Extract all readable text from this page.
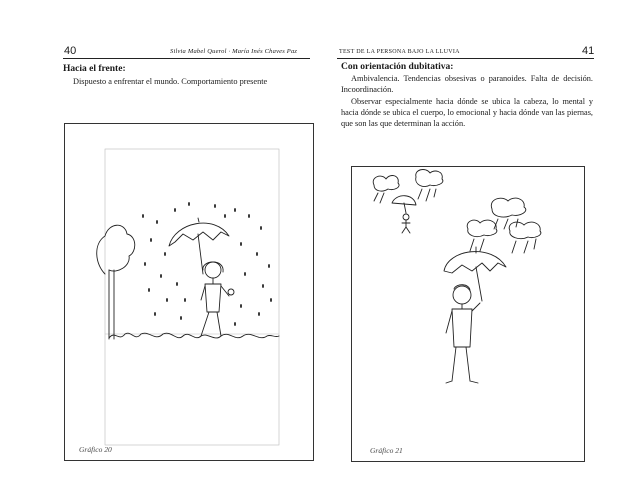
40	Silvia Mabel Querol · María Inés Chaves Paz
Hacia el frente:
Dispuesto a enfrentar el mundo. Comportamiento presente
Gráfico 20
TEST DE LA PERSONA BAJO LA LLUVIA	41
Con orientación dubitativa:
Ambivalencia. Tendencias obsesivas o paranoides. Falta de decisión. Incoordinación.
Observar especialmente hacia dónde se ubica la cabeza, lo mental y hacia dónde se ubica el cuerpo, lo emocional y hacia dónde van las piernas, que son las que determinan la acción.
Gráfico 21
